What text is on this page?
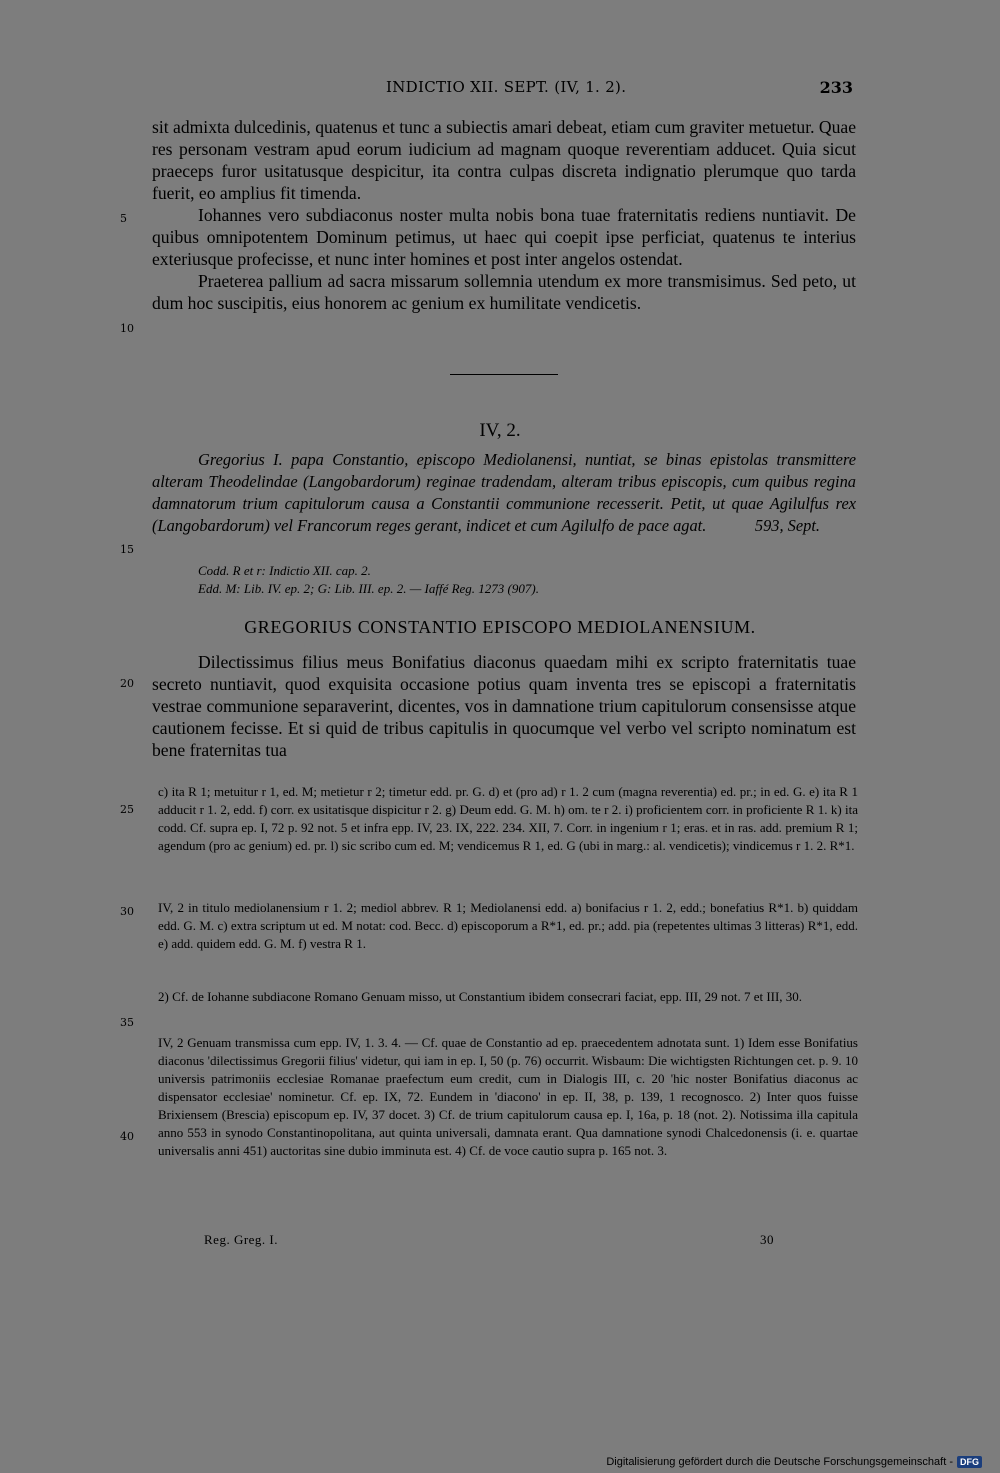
INDICTIO XII. SEPT. (IV, 1. 2).	233
5
10
15
20
25
30
35
40

sit admixta dulcedinis, quatenus et tunc a subiectis amari debeat, etiam cum graviter metuetur. Quae res personam vestram apud eorum iudicium ad magnam quoque reverentiam adducet. Quia sicut praeceps furor usitatusque despicitur, ita contra culpas discreta indignatio plerumque quo tarda fuerit, eo amplius fit timenda.

Iohannes vero subdiaconus noster multa nobis bona tuae fraternitatis rediens nuntiavit. De quibus omnipotentem Dominum petimus, ut haec qui coepit ipse perficiat, quatenus te interius exteriusque profecisse, et nunc inter homines et post inter angelos ostendat.

Praeterea pallium ad sacra missarum sollemnia utendum ex more transmisimus. Sed peto, ut dum hoc suscipitis, eius honorem ac genium ex humilitate vendicetis.

IV, 2.

Gregorius I. papa Constantio, episcopo Mediolanensi, nuntiat, se binas epistolas transmittere alteram Theodelindae (Langobardorum) reginae tradendam, alteram tribus episcopis, cum quibus regina damnatorum trium capitulorum causa a Constantii communione recesserit. Petit, ut quae Agilulfus rex (Langobardorum) vel Francorum reges gerant, indicet et cum Agilulfo de pace agat.	593, Sept.

Codd. R et r: Indictio XII. cap. 2.
Edd. M: Lib. IV. ep. 2; G: Lib. III. ep. 2. — Iaffé Reg. 1273 (907).
GREGORIUS CONSTANTIO EPISCOPO MEDIOLANENSIUM.

Dilectissimus filius meus Bonifatius diaconus quaedam mihi ex scripto fraternitatis tuae secreto nuntiavit, quod exquisita occasione potius quam inventa tres se episcopi a fraternitatis vestrae communione separaverint, dicentes, vos in damnatione trium capitulorum consensisse atque cautionem fecisse. Et si quid de tribus capitulis in quocumque vel verbo vel scripto nominatum est bene fraternitas tua

c) ita R 1; metuitur r 1, ed. M; metietur r 2; timetur edd. pr. G. d) et (pro ad) r 1. 2 cum (magna reverentia) ed. pr.; in ed. G. e) ita R 1 adducit r 1. 2, edd. f) corr. ex usitatisque dispicitur r 2. g) Deum edd. G. M. h) om. te r 2. i) proficientem corr. in proficiente R 1. k) ita codd. Cf. supra ep. I, 72 p. 92 not. 5 et infra epp. IV, 23. IX, 222. 234. XII, 7. Corr. in ingenium r 1; eras. et in ras. add. premium R 1; agendum (pro ac genium) ed. pr. l) sic scribo cum ed. M; vendicemus R 1, ed. G (ubi in marg.: al. vendicetis); vindicemus r 1. 2. R*1.

IV, 2 in titulo mediolanensium r 1. 2; mediol abbrev. R 1; Mediolanensi edd. a) bonifacius r 1. 2, edd.; bonefatius R*1. b) quiddam edd. G. M. c) extra scriptum ut ed. M notat: cod. Becc. d) episcoporum a R*1, ed. pr.; add. pia (repetentes ultimas 3 litteras) R*1, edd. e) add. quidem edd. G. M. f) vestra R 1.

2) Cf. de Iohanne subdiacone Romano Genuam misso, ut Constantium ibidem consecrari faciat, epp. III, 29 not. 7 et III, 30.

IV, 2 Genuam transmissa cum epp. IV, 1. 3. 4. — Cf. quae de Constantio ad ep. praecedentem adnotata sunt. 1) Idem esse Bonifatius diaconus 'dilectissimus Gregorii filius' videtur, qui iam in ep. I, 50 (p. 76) occurrit. Wisbaum: Die wichtigsten Richtungen cet. p. 9. 10 universis patrimoniis ecclesiae Romanae praefectum eum credit, cum in Dialogis III, c. 20 'hic noster Bonifatius diaconus ac dispensator ecclesiae' nominetur. Cf. ep. IX, 72. Eundem in 'diacono' in ep. II, 38, p. 139, 1 recognosco. 2) Inter quos fuisse Brixiensem (Brescia) episcopum ep. IV, 37 docet. 3) Cf. de trium capitulorum causa ep. I, 16a, p. 18 (not. 2). Notissima illa capitula anno 553 in synodo Constantinopolitana, aut quinta universali, damnata erant. Qua damnatione synodi Chalcedonensis (i. e. quartae universalis anni 451) auctoritas sine dubio imminuta est. 4) Cf. de voce cautio supra p. 165 not. 3.

Reg. Greg. I.	30
Digitalisierung gefördert durch die Deutsche Forschungsgemeinschaft - DFG
